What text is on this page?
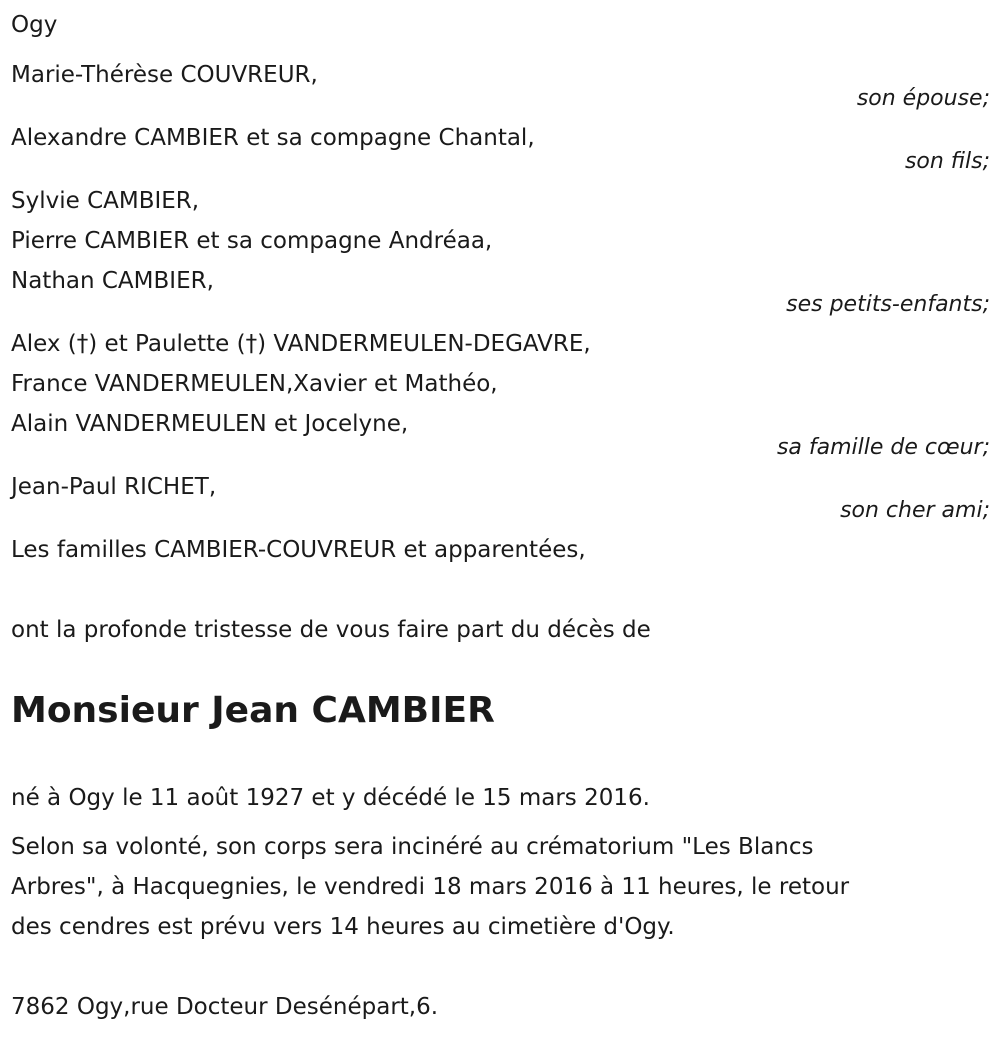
Ogy
Marie-Thérèse COUVREUR,
son épouse;
Alexandre CAMBIER et sa compagne Chantal,
son fils;
Sylvie CAMBIER,
Pierre CAMBIER et sa compagne Andréaa,
Nathan CAMBIER,
ses petits-enfants;
Alex (†) et Paulette (†) VANDERMEULEN-DEGAVRE,
France VANDERMEULEN,Xavier et Mathéo,
Alain VANDERMEULEN et Jocelyne,
sa famille de cœur;
Jean-Paul RICHET,
son cher ami;
Les familles CAMBIER-COUVREUR et apparentées,
ont la profonde tristesse de vous faire part du décès de
Monsieur Jean CAMBIER
né à Ogy le 11 août 1927 et y décédé le 15 mars 2016.
Selon sa volonté, son corps sera incinéré au crématorium "Les Blancs
Arbres", à Hacquegnies, le vendredi 18 mars 2016 à 11 heures, le retour
des cendres est prévu vers 14 heures au cimetière d'Ogy.
7862 Ogy,rue Docteur Desénépart,6.
